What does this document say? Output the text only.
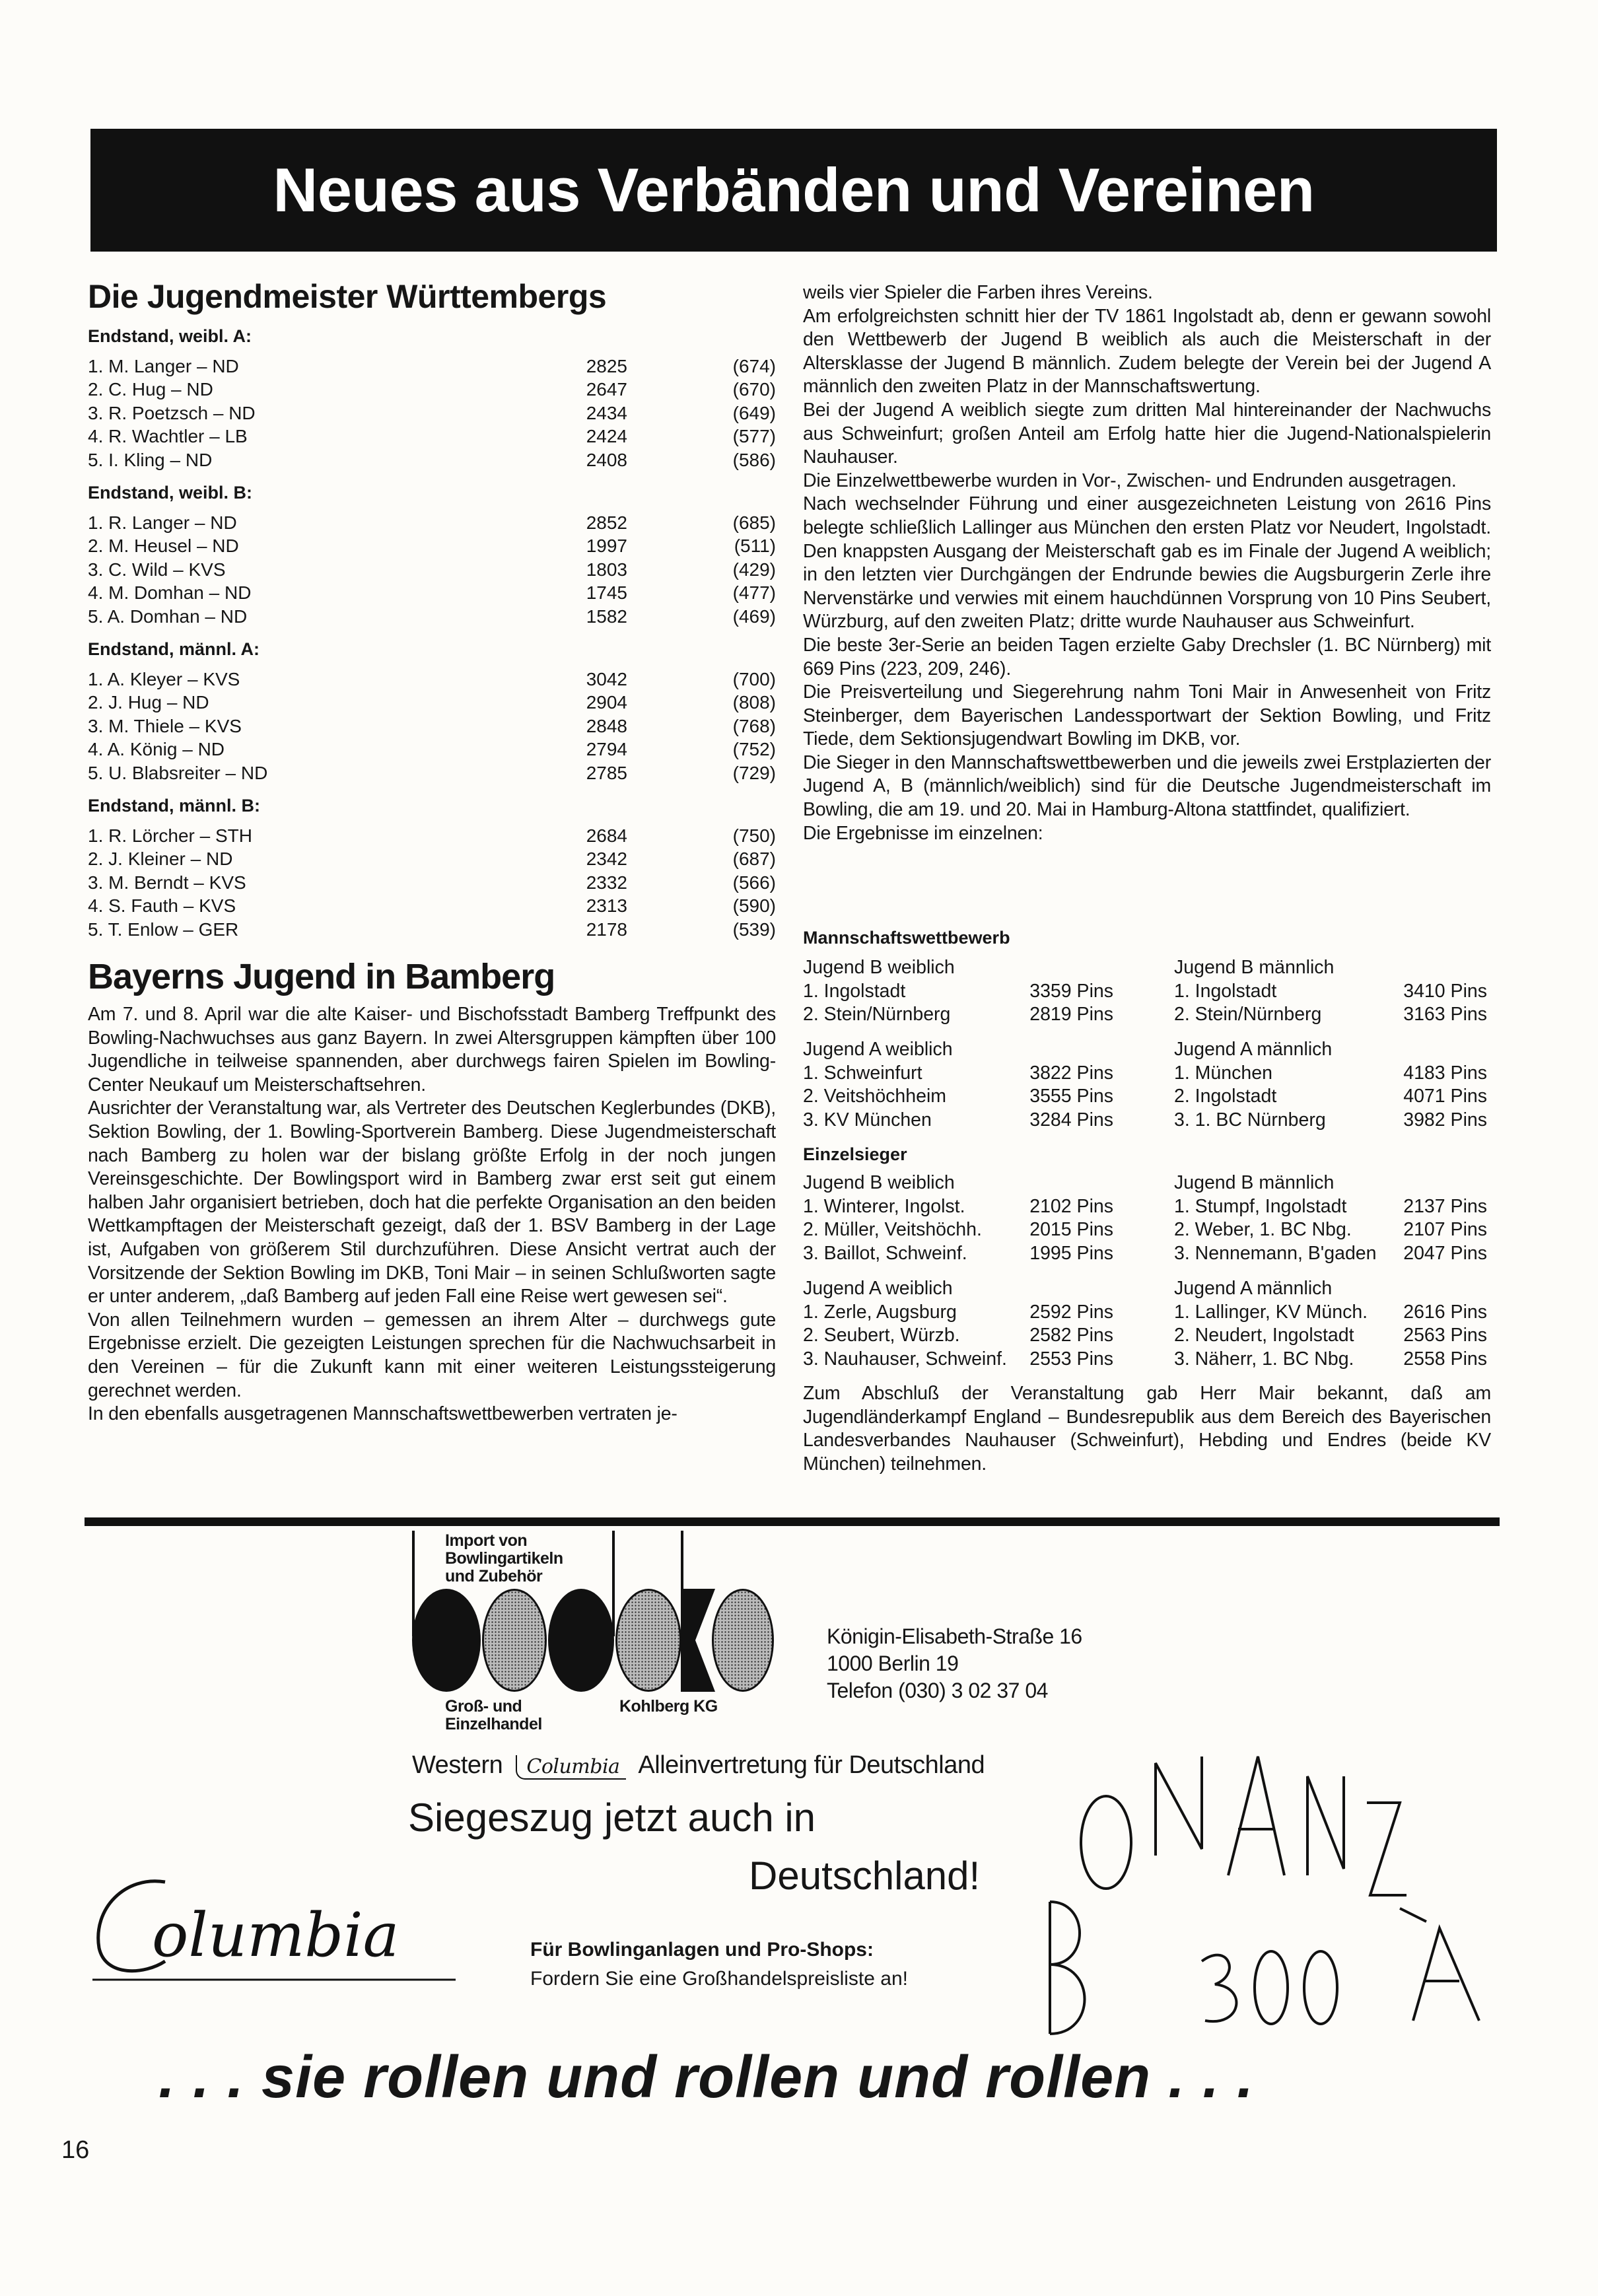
Neues aus Verbänden und Vereinen
Die Jugendmeister Württembergs
Endstand, weibl. A:
1. M. Langer – ND	2825	(674)
2. C. Hug – ND	2647	(670)
3. R. Poetzsch – ND	2434	(649)
4. R. Wachtler – LB	2424	(577)
5. I. Kling – ND	2408	(586)
Endstand, weibl. B:
1. R. Langer – ND	2852	(685)
2. M. Heusel – ND	1997	(511)
3. C. Wild – KVS	1803	(429)
4. M. Domhan – ND	1745	(477)
5. A. Domhan – ND	1582	(469)
Endstand, männl. A:
1. A. Kleyer – KVS	3042	(700)
2. J. Hug – ND	2904	(808)
3. M. Thiele – KVS	2848	(768)
4. A. König – ND	2794	(752)
5. U. Blabsreiter – ND	2785	(729)
Endstand, männl. B:
1. R. Lörcher – STH	2684	(750)
2. J. Kleiner – ND	2342	(687)
3. M. Berndt – KVS	2332	(566)
4. S. Fauth – KVS	2313	(590)
5. T. Enlow – GER	2178	(539)
Bayerns Jugend in Bamberg

Am 7. und 8. April war die alte Kaiser- und Bischofsstadt Bamberg Treffpunkt des Bowling-Nachwuchses aus ganz Bayern. In zwei Altersgruppen kämpften über 100 Jugendliche in teilweise spannenden, aber durchwegs fairen Spielen im Bowling-Center Neukauf um Meisterschaftsehren.

Ausrichter der Veranstaltung war, als Vertreter des Deutschen Keglerbundes (DKB), Sektion Bowling, der 1. Bowling-Sportverein Bamberg. Diese Jugendmeisterschaft nach Bamberg zu holen war der bislang größte Erfolg in der noch jungen Vereinsgeschichte. Der Bowlingsport wird in Bamberg zwar erst seit gut einem halben Jahr organisiert betrieben, doch hat die perfekte Organisation an den beiden Wettkampftagen der Meisterschaft gezeigt, daß der 1. BSV Bamberg in der Lage ist, Aufgaben von größerem Stil durchzuführen. Diese Ansicht vertrat auch der Vorsitzende der Sektion Bowling im DKB, Toni Mair – in seinen Schlußworten sagte er unter anderem, „daß Bamberg auf jeden Fall eine Reise wert gewesen sei“.

Von allen Teilnehmern wurden – gemessen an ihrem Alter – durchwegs gute Ergebnisse erzielt. Die gezeigten Leistungen sprechen für die Nachwuchsarbeit in den Vereinen – für die Zukunft kann mit einer weiteren Leistungssteigerung gerechnet werden.

In den ebenfalls ausgetragenen Mannschaftswettbewerben vertraten je-

weils vier Spieler die Farben ihres Vereins.

Am erfolgreichsten schnitt hier der TV 1861 Ingolstadt ab, denn er gewann sowohl den Wettbewerb der Jugend B weiblich als auch die Meisterschaft in der Altersklasse der Jugend B männlich. Zudem belegte der Verein bei der Jugend A männlich den zweiten Platz in der Mannschaftswertung.

Bei der Jugend A weiblich siegte zum dritten Mal hintereinander der Nachwuchs aus Schweinfurt; großen Anteil am Erfolg hatte hier die Jugend-Nationalspielerin Nauhauser.

Die Einzelwettbewerbe wurden in Vor-, Zwischen- und Endrunden ausgetragen.

Nach wechselnder Führung und einer ausgezeichneten Leistung von 2616 Pins belegte schließlich Lallinger aus München den ersten Platz vor Neudert, Ingolstadt. Den knappsten Ausgang der Meisterschaft gab es im Finale der Jugend A weiblich; in den letzten vier Durchgängen der Endrunde bewies die Augsburgerin Zerle ihre Nervenstärke und verwies mit einem hauchdünnen Vorsprung von 10 Pins Seubert, Würzburg, auf den zweiten Platz; dritte wurde Nauhauser aus Schweinfurt.

Die beste 3er-Serie an beiden Tagen erzielte Gaby Drechsler (1. BC Nürnberg) mit 669 Pins (223, 209, 246).

Die Preisverteilung und Siegerehrung nahm Toni Mair in Anwesenheit von Fritz Steinberger, dem Bayerischen Landessportwart der Sektion Bowling, und Fritz Tiede, dem Sektionsjugendwart Bowling im DKB, vor.

Die Sieger in den Mannschaftswettbewerben und die jeweils zwei Erstplazierten der Jugend A, B (männlich/weiblich) sind für die Deutsche Jugendmeisterschaft im Bowling, die am 19. und 20. Mai in Hamburg-Altona stattfindet, qualifiziert.

Die Ergebnisse im einzelnen:

Mannschaftswettbewerb
Jugend B weiblich
1. Ingolstadt	3359 Pins
2. Stein/Nürnberg	2819 Pins
Jugend B männlich
1. Ingolstadt	3410 Pins
2. Stein/Nürnberg	3163 Pins
Jugend A weiblich
1. Schweinfurt	3822 Pins
2. Veitshöchheim	3555 Pins
3. KV München	3284 Pins
Jugend A männlich
1. München	4183 Pins
2. Ingolstadt	4071 Pins
3. 1. BC Nürnberg	3982 Pins
Einzelsieger
Jugend B weiblich
1. Winterer, Ingolst.	2102 Pins
2. Müller, Veitshöchh.	2015 Pins
3. Baillot, Schweinf.	1995 Pins
Jugend B männlich
1. Stumpf, Ingolstadt	2137 Pins
2. Weber, 1. BC Nbg.	2107 Pins
3. Nennemann, B'gaden 2047 Pins
Jugend A weiblich
1. Zerle, Augsburg	2592 Pins
2. Seubert, Würzb.	2582 Pins
3. Nauhauser, Schweinf. 2553 Pins
Jugend A männlich
1. Lallinger, KV Münch. 2616 Pins
2. Neudert, Ingolstadt	2563 Pins
3. Näherr, 1. BC Nbg.	2558 Pins
Zum Abschluß der Veranstaltung gab Herr Mair bekannt, daß am Jugendländerkampf England – Bundesrepublik aus dem Bereich des Bayerischen Landesverbandes Nauhauser (Schweinfurt), Hebding und Endres (beide KV München) teilnehmen.
Import von
Bowlingartikeln
und Zubehör
Groß- und
Einzelhandel
Kohlberg KG
Königin-Elisabeth-Straße 16
1000 Berlin 19
Telefon (030) 3 02 37 04
Western Columbia Alleinvertretung für Deutschland
Siegeszug jetzt auch in
Deutschland!
olumbia	Für Bowlinganlagen und Pro-Shops:
Fordern Sie eine Großhandelspreisliste an!
. . . sie rollen und rollen und rollen . . .
16
